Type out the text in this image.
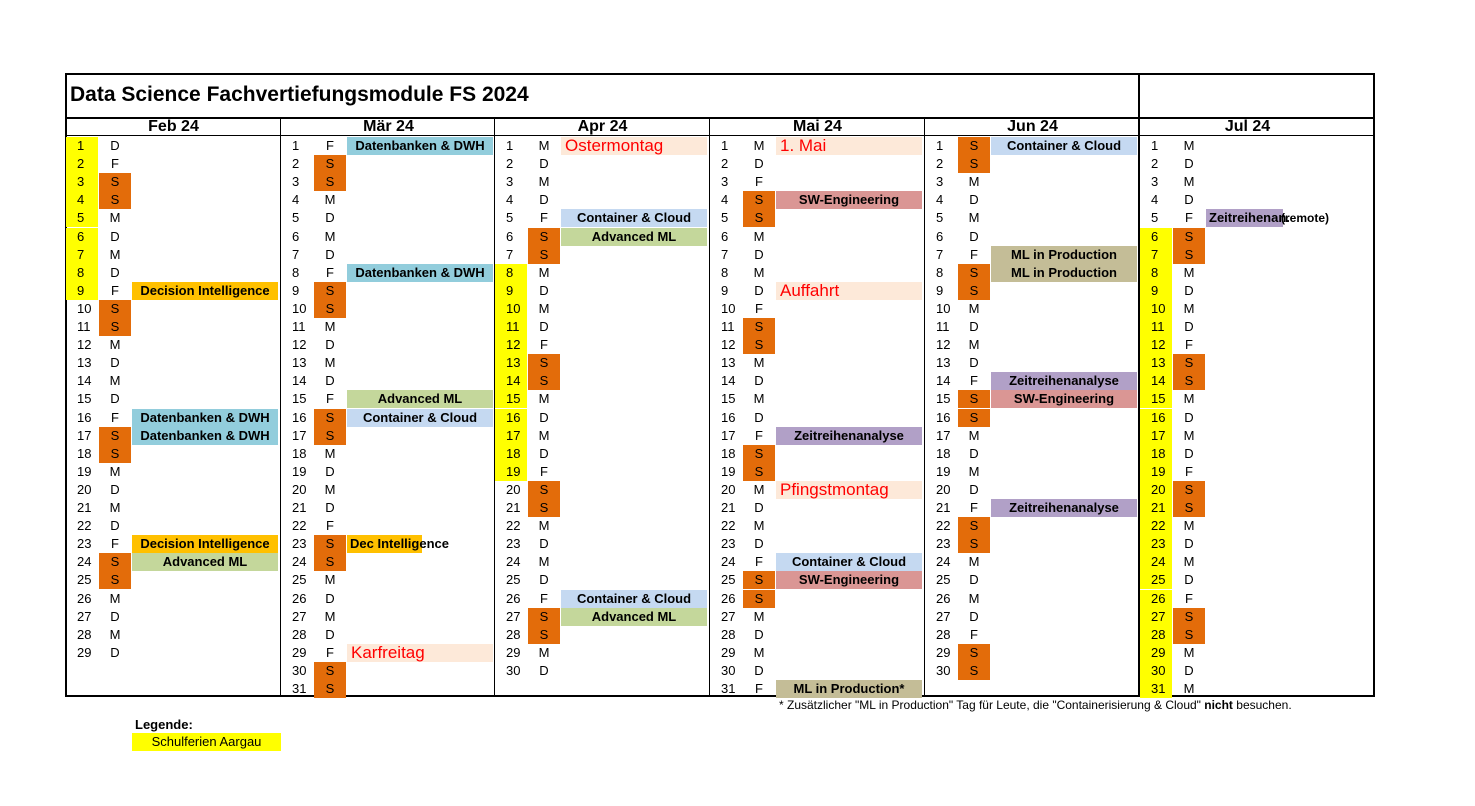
Data Science Fachvertiefungsmodule FS 2024
Feb 24
1	D
2	F
3	S
4	S
5	M
6	D
7	M
8	D
9	F	Decision Intelligence
10	S
11	S
12	M
13	D
14	M
15	D
16	F	Datenbanken & DWH
17	S	Datenbanken & DWH
18	S
19	M
20	D
21	M
22	D
23	F	Decision Intelligence
24	S	Advanced ML
25	S
26	M
27	D
28	M
29	D
Mär 24
1	F	Datenbanken & DWH
2	S
3	S
4	M
5	D
6	M
7	D
8	F	Datenbanken & DWH
9	S
10	S
11	M
12	D
13	M
14	D
15	F	Advanced ML
16	S	Container & Cloud
17	S
18	M
19	D
20	M
21	D
22	F
23	S	Dec Intelligence
24	S
25	M
26	D
27	M
28	D
29	F	Karfreitag
30	S
31	S
Apr 24
1	M Ostermontag
2	D
3	M
4	D
5	F	Container & Cloud
6	S	Advanced ML
7	S
8	M
9	D
10	M
11	D
12	F
13	S
14	S
15	M
16	D
17	M
18	D
19	F
20	S
21	S
22	M
23	D
24	M
25	D
26	F	Container & Cloud
27	S	Advanced ML
28	S
29	M
30	D
Mai 24
1	M 1. Mai
2	D
3	F
4	S	SW-Engineering
5	S
6	M
7	D
8	M
9	D Auffahrt
10	F
11	S
12	S
13	M
14	D
15	M
16	D
17	F	Zeitreihenanalyse
18	S
19	S
20	M Pfingstmontag
21	D
22	M
23	D
24	F	Container & Cloud
25	S	SW-Engineering
26	S
27	M
28	D
29	M
30	D
31	F	ML in Production*
Jun 24
1	S	Container & Cloud
2	S
3	M
4	D
5	M
6	D
7	F	ML in Production
8	S	ML in Production
9	S
10	M
11	D
12	M
13	D
14	F	Zeitreihenanalyse
15	S	SW-Engineering
16	S
17	M
18	D
19	M
20	D
21	F	Zeitreihenanalyse
22	S
23	S
24	M
25	D
26	M
27	D
28	F
29	S
30	S
Jul 24
1	M
2	D
3	M
4	D
5	F	Zeitreihenan.
(remote)
6	S
7	S
8	M
9	D
10	M
11	D
12	F
13	S
14	S
15	M
16	D
17	M
18	D
19	F
20	S
21	S
22	M
23	D
24	M
25	D
26	F
27	S
28	S
29	M
30	D
31	M
* Zusätzlicher "ML in Production" Tag für Leute, die "Containerisierung & Cloud" nicht besuchen.
Legende:
Schulferien Aargau
